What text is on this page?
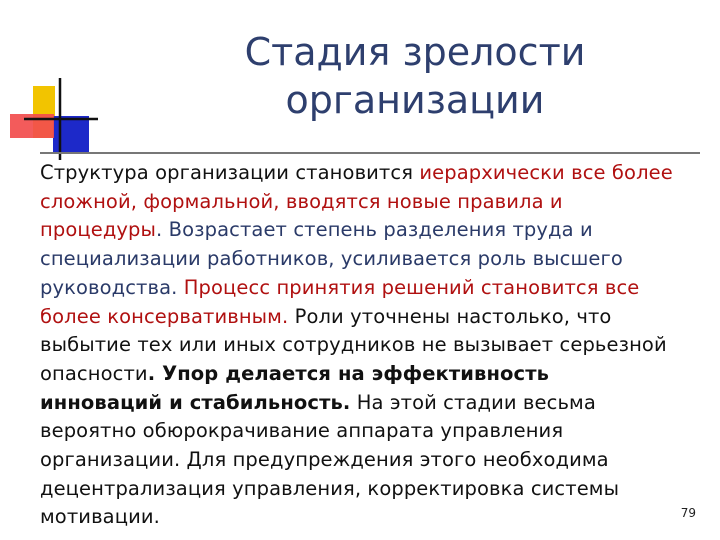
Стадия зрелости
организации
Структура организации становится иерархически все более
сложной, формальной, вводятся новые правила и
процедуры. Возрастает степень разделения труда и
специализации работников, усиливается роль высшего
руководства. Процесс принятия решений становится все
более консервативным. Роли уточнены настолько, что
выбытие тех или иных сотрудников не вызывает серьезной
опасности. Упор делается на эффективность
инноваций и стабильность. На этой стадии весьма
вероятно обюрокрачивание аппарата управления
организации. Для предупреждения этого необходима
децентрализация управления, корректировка системы
мотивации.	79
